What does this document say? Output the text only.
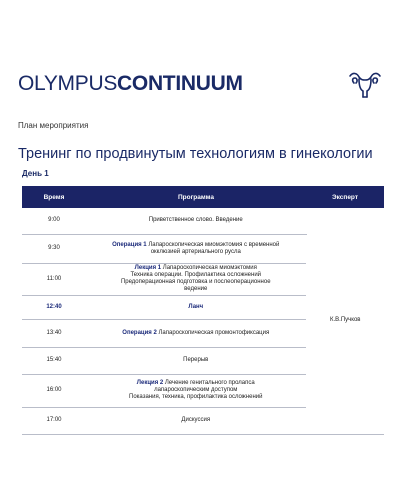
OLYMPUS CONTINUUM
План мероприятия
Тренинг по продвинутым технологиям в гинекологии
День 1
Время	Программа	Эксперт
9:00	Приветственное слово. Введение	К.В.Пучков
9:30	Операция 1 Лапароскопическая миомэктомия с временной
окклюзией артериального русла	
11:00	Лекция 1 Лапароскопическая миомэктомия
Техника операции. Профилактика осложнений
Предоперационная подготовка и послеоперационное
ведение	
12:40	Ланч	
13:40	Операция 2 Лапароскопическая промонтофиксация	
15:40	Перерыв	
16:00	Лекция 2 Лечение генитального пролапса
лапароскопическим доступом
Показания, техника, профилактика осложнений	
17:00	Дискуссия	
